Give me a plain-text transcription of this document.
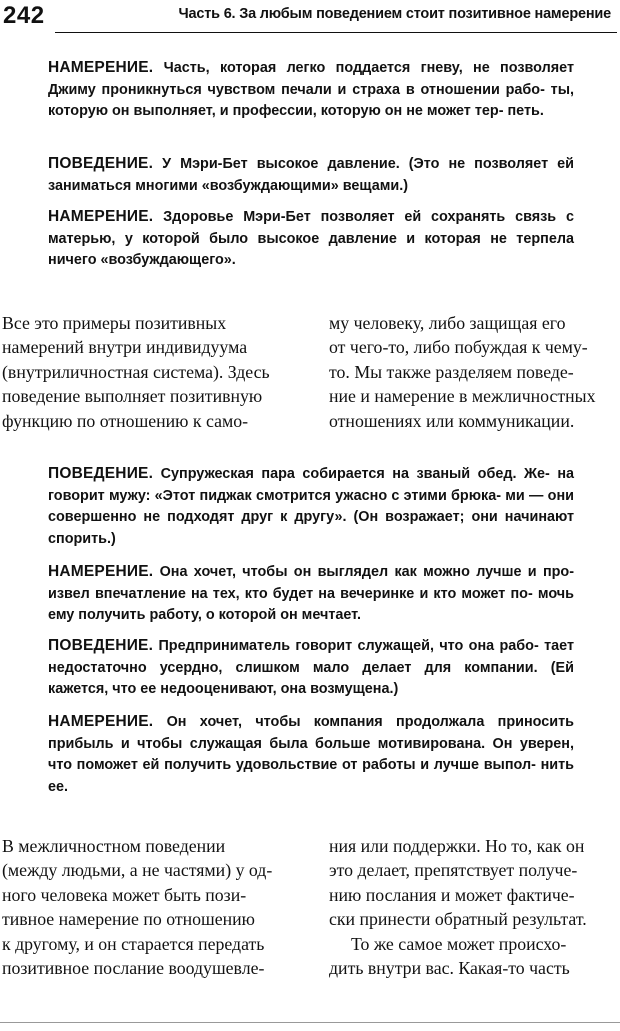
242	Часть 6. За любым поведением стоит позитивное намерение

НАМЕРЕНИЕ. Часть, которая легко поддается гневу, не позволяет Джиму проникнуться чувством печали и страха в отношении рабо- ты, которую он выполняет, и профессии, которую он не может тер- петь.

ПОВЕДЕНИЕ. У Мэри-Бет высокое давление. (Это не позволяет ей заниматься многими «возбуждающими» вещами.)

НАМЕРЕНИЕ. Здоровье Мэри-Бет позволяет ей сохранять связь с матерью, у которой было высокое давление и которая не терпела ничего «возбуждающего».

Все это примеры позитивных
намерений внутри индивидуума
(внутриличностная система). Здесь
поведение выполняет позитивную
функцию по отношению к само-
му человеку, либо защищая его
от чего-то, либо побуждая к чему-
то. Мы также разделяем поведе-
ние и намерение в межличностных
отношениях или коммуникации.

ПОВЕДЕНИЕ. Супружеская пара собирается на званый обед. Же- на говорит мужу: «Этот пиджак смотрится ужасно с этими брюка- ми — они совершенно не подходят друг к другу». (Он возражает; они начинают спорить.)

НАМЕРЕНИЕ. Она хочет, чтобы он выглядел как можно лучше и про- извел впечатление на тех, кто будет на вечеринке и кто может по- мочь ему получить работу, о которой он мечтает.

ПОВЕДЕНИЕ. Предприниматель говорит служащей, что она рабо- тает недостаточно усердно, слишком мало делает для компании. (Ей кажется, что ее недооценивают, она возмущена.)

НАМЕРЕНИЕ. Он хочет, чтобы компания продолжала приносить прибыль и чтобы служащая была больше мотивирована. Он уверен, что поможет ей получить удовольствие от работы и лучше выпол- нить ее.

В межличностном поведении
(между людьми, а не частями) у од-
ного человека может быть пози-
тивное намерение по отношению
к другому, и он старается передать
позитивное послание воодушевле-
ния или поддержки. Но то, как он
это делает, препятствует получе-
нию послания и может фактиче-
ски принести обратный результат.
То же самое может происхо-
дить внутри вас. Какая-то часть
